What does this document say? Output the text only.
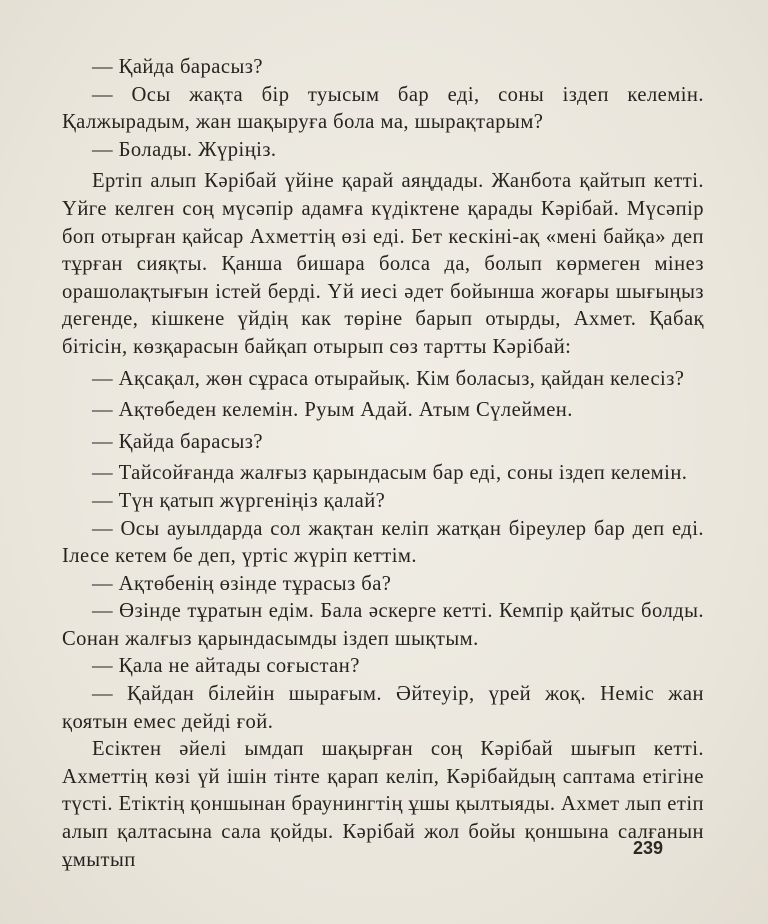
— Қайда барасыз?

— Осы жақта бір туысым бар еді, соны іздеп келемін. Қалжырадым, жан шақыруға бола ма, шырақтарым?

— Болады. Жүріңіз.

Ертіп алып Кәрібай үйіне қарай аяңдады. Жанбота қайтып кетті. Үйге келген соң мүсәпір адамға күдіктене қарады Кәрібай. Мүсәпір боп отырған қайсар Ахметтің өзі еді. Бет кескіні-ақ «мені байқа» деп тұрған сияқты. Қанша бишара болса да, болып көрмеген мінез орашолақтығын істей берді. Үй иесі әдет бойынша жоғары шығыңыз дегенде, кішкене үйдің как төріне барып отырды, Ахмет. Қабақ бітісін, көзқарасын байқап отырып сөз тартты Кәрібай:

— Ақсақал, жөн сұраса отырайық. Кім боласыз, қайдан келесіз?

— Ақтөбеден келемін. Руым Адай. Атым Сүлеймен.

— Қайда барасыз?

— Тайсойғанда жалғыз қарындасым бар еді, соны іздеп келемін.

— Түн қатып жүргеніңіз қалай?

— Осы ауылдарда сол жақтан келіп жатқан біреулер бар деп еді. Ілесе кетем бе деп, үртіс жүріп кеттім.

— Ақтөбенің өзінде тұрасыз ба?

— Өзінде тұратын едім. Бала әскерге кетті. Кемпір қайтыс болды. Сонан жалғыз қарындасымды іздеп шықтым.

— Қала не айтады соғыстан?

— Қайдан білейін шырағым. Әйтеуір, үрей жоқ. Неміс жан қоятын емес дейді ғой.

Есіктен әйелі ымдап шақырған соң Кәрібай шығып кетті. Ахметтің көзі үй ішін тінте қарап келіп, Кәрібайдың саптама етігіне түсті. Етіктің қоншынан браунингтің ұшы қылтыяды. Ахмет лып етіп алып қалтасына сала қойды. Кәрібай жол бойы қоншына салғанын ұмытып

239
